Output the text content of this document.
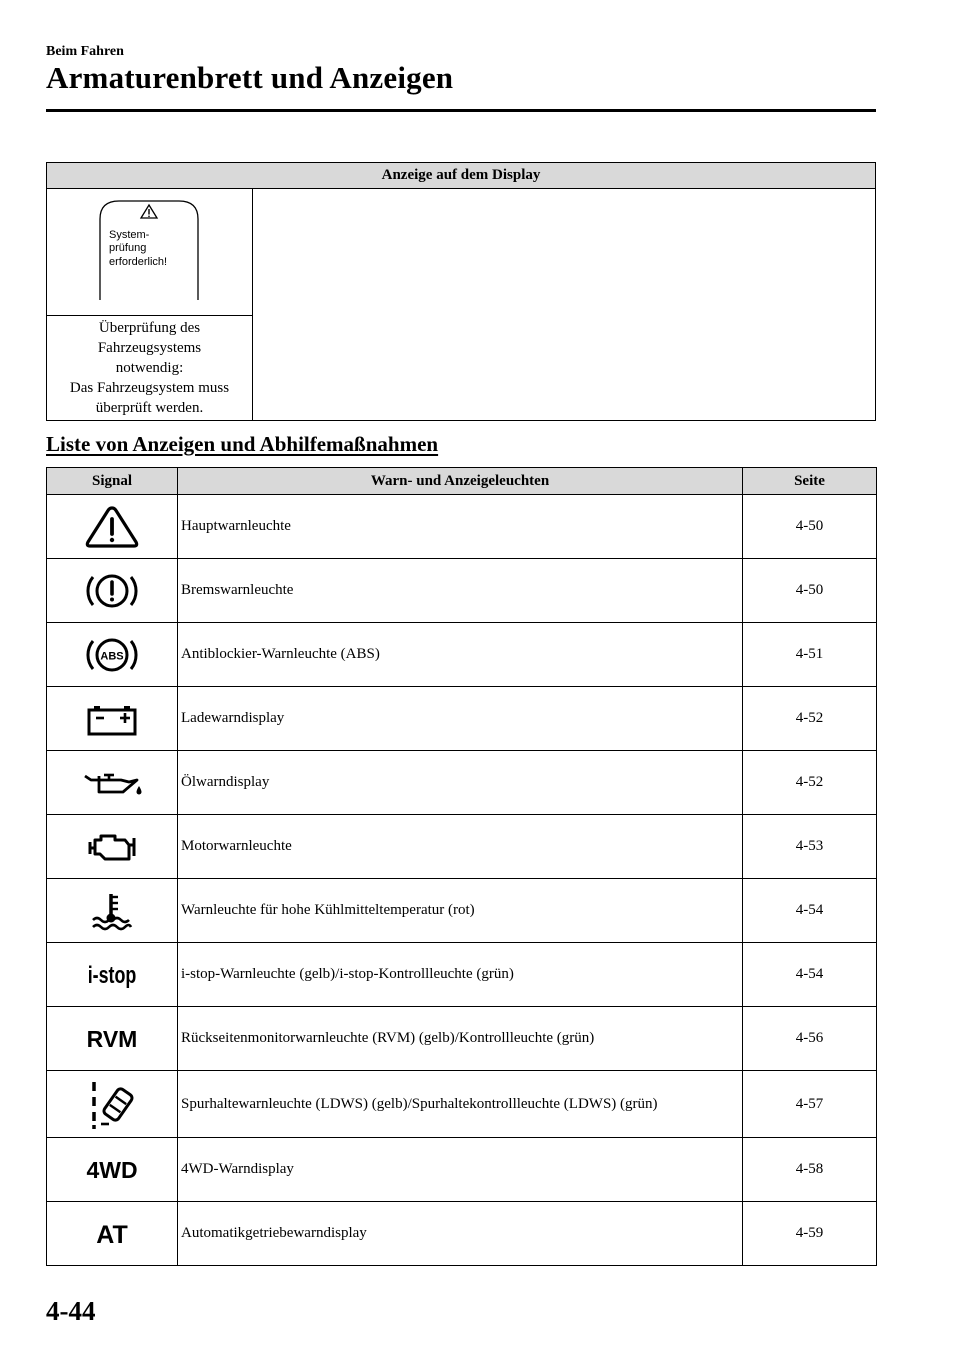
Beim Fahren
Armaturenbrett und Anzeigen
Anzeige auf dem Display

System-
prüfung
erforderlich!

Überprüfung des
Fahrzeugsystems
notwendig:
Das Fahrzeugsystem muss
überprüft werden.
Liste von Anzeigen und Abhilfemaßnahmen
Signal	Warn- und Anzeigeleuchten	Seite

	Hauptwarnleuchte	4-50

	Bremswarnleuchte	4-50

ABS	Antiblockier-Warnleuchte (ABS)	4-51

	Ladewarndisplay	4-52

	Ölwarndisplay	4-52

	Motorwarnleuchte	4-53

	Warnleuchte für hohe Kühlmitteltemperatur (rot)	4-54

i-stop	i-stop-Warnleuchte (gelb)/i-stop-Kontrollleuchte (grün)	4-54

RVM	Rückseitenmonitorwarnleuchte (RVM) (gelb)/Kontrollleuchte (grün)	4-56

	Spurhaltewarnleuchte (LDWS) (gelb)/Spurhaltekontrollleuchte (LDWS) (grün)	4-57

4WD	4WD-Warndisplay	4-58

AT	Automatikgetriebewarndisplay	4-59
4-44
